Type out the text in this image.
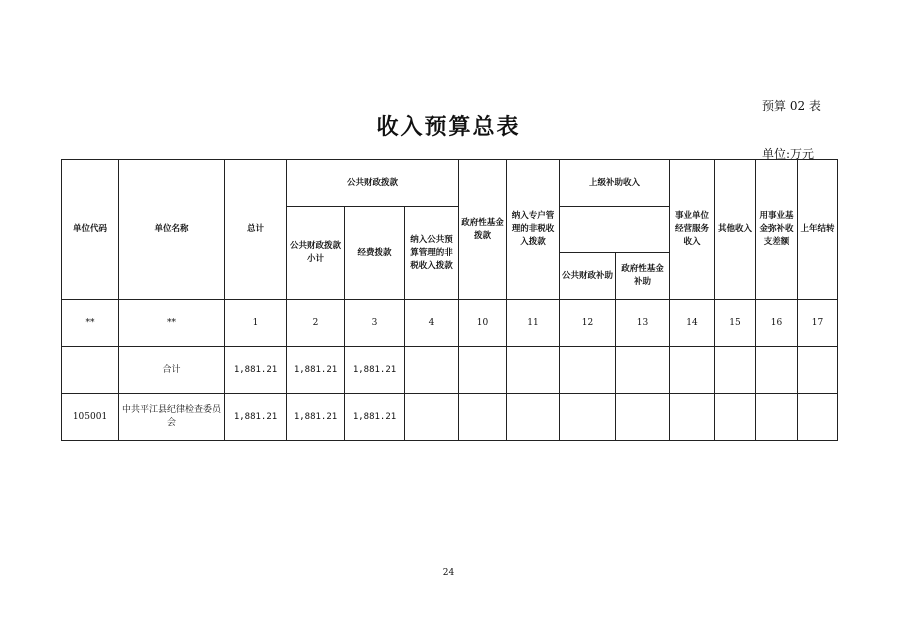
预算 02 表
收入预算总表
单位:万元
单位代码	单位名称	总计	公共财政拨款			政府性基金拨款	纳入专户管理的非税收入拨款	上级补助收入		事业单位经营服务收入	其他收入	用事业基金弥补收支差额	上年结转
			公共财政拨款小计	经费拨款	纳入公共预算管理的非税收入拨款								
								公共财政补助	政府性基金补助				
**	**	1	2	3	4	10	11	12	13	14	15	16	17
	合计	1,881.21	1,881.21	1,881.21									
105001	中共平江县纪律检查委员会	1,881.21	1,881.21	1,881.21									
24
